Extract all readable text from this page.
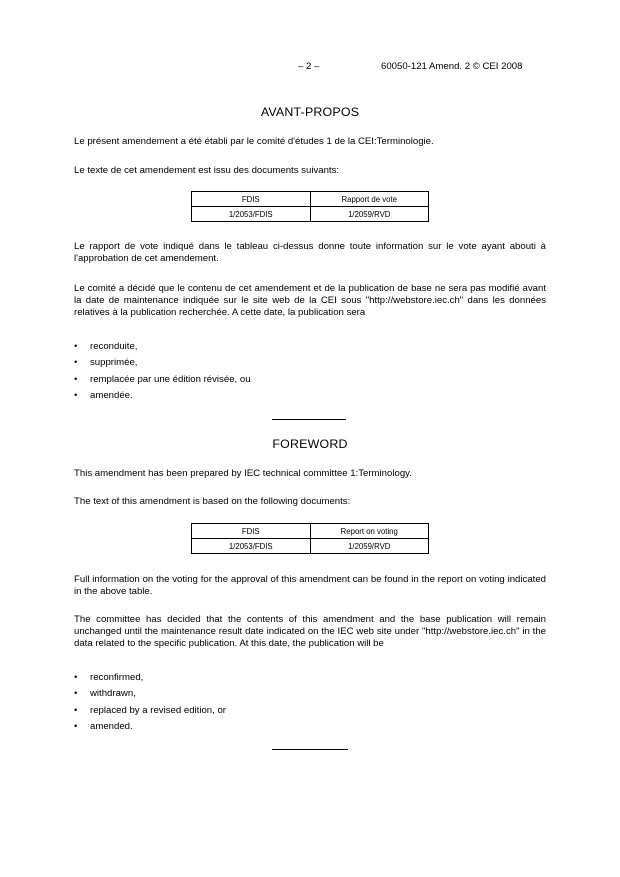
– 2 –	60050-121 Amend. 2 © CEI 2008
AVANT-PROPOS
Le présent amendement a été établi par le comité d'études 1 de la CEI:Terminologie.
Le texte de cet amendement est issu des documents suivants:
FDIS	Rapport de vote
1/2053/FDIS	1/2059/RVD
Le rapport de vote indiqué dans le tableau ci-dessus donne toute information sur le vote ayant abouti à l'approbation de cet amendement.
Le comité a décidé que le contenu de cet amendement et de la publication de base ne sera pas modifié avant la date de maintenance indiquée sur le site web de la CEI sous "http://webstore.iec.ch" dans les données relatives à la publication recherchée. A cette date, la publication sera
• reconduite,
• supprimée,
• remplacée par une édition révisée, ou
• amendée.
FOREWORD
This amendment has been prepared by IEC technical committee 1:Terminology.
The text of this amendment is based on the following documents:
FDIS	Report on voting
1/2053/FDIS	1/2059/RVD
Full information on the voting for the approval of this amendment can be found in the report on voting indicated in the above table.
The committee has decided that the contents of this amendment and the base publication will remain unchanged until the maintenance result date indicated on the IEC web site under "http://webstore.iec.ch" in the data related to the specific publication. At this date, the publication will be
• reconfirmed,
• withdrawn,
• replaced by a revised edition, or
• amended.
